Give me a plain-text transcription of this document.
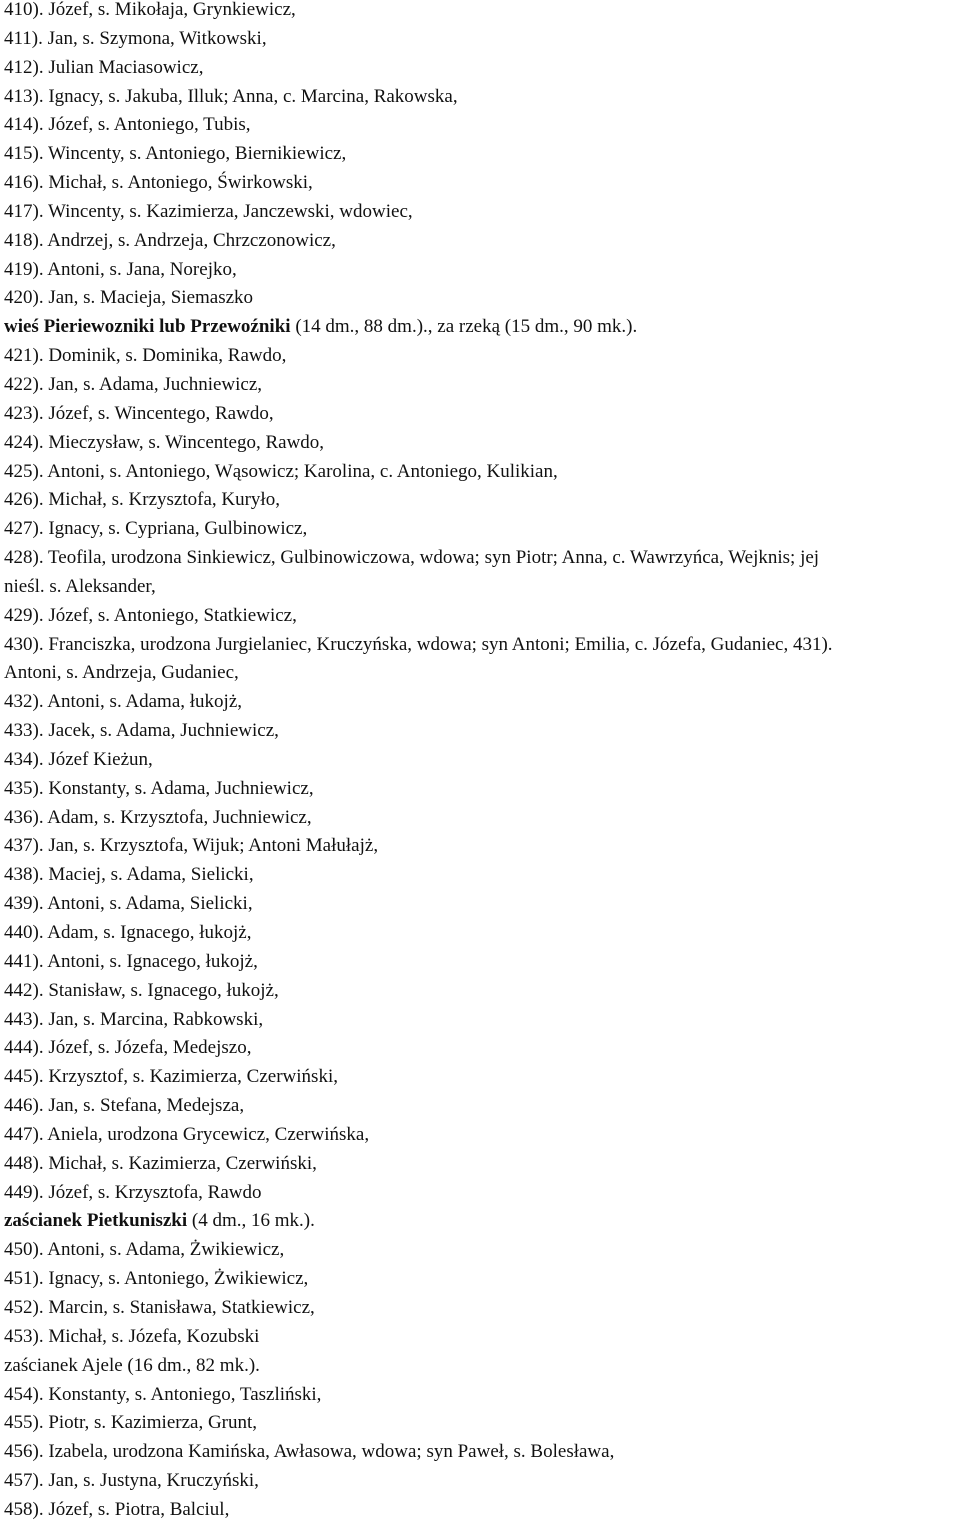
410). Józef, s. Mikołaja, Grynkiewicz,
411). Jan, s. Szymona, Witkowski,
412). Julian Maciasowicz,
413). Ignacy, s. Jakuba, Illuk; Anna, c. Marcina, Rakowska,
414). Józef, s. Antoniego, Tubis,
415). Wincenty, s. Antoniego, Biernikiewicz,
416). Michał, s. Antoniego, Świrkowski,
417). Wincenty, s. Kazimierza, Janczewski, wdowiec,
418). Andrzej, s. Andrzeja, Chrzczonowicz,
419). Antoni, s. Jana, Norejko,
420). Jan, s. Macieja, Siemaszko
wieś Pieriewozniki lub Przewoźniki (14 dm., 88 dm.)., za rzeką (15 dm., 90 mk.).
421). Dominik, s. Dominika, Rawdo,
422). Jan, s. Adama, Juchniewicz,
423). Józef, s. Wincentego, Rawdo,
424). Mieczysław, s. Wincentego, Rawdo,
425). Antoni, s. Antoniego, Wąsowicz; Karolina, c. Antoniego, Kulikian,
426). Michał, s. Krzysztofa, Kuryło,
427). Ignacy, s. Cypriana, Gulbinowicz,
428). Teofila, urodzona Sinkiewicz, Gulbinowiczowa, wdowa; syn Piotr; Anna, c. Wawrzyńca, Wejknis; jej
nieśl. s. Aleksander,
429). Józef, s. Antoniego, Statkiewicz,
430). Franciszka, urodzona Jurgielaniec, Kruczyńska, wdowa; syn Antoni; Emilia, c. Józefa, Gudaniec, 431).
Antoni, s. Andrzeja, Gudaniec,
432). Antoni, s. Adama, łukojż,
433). Jacek, s. Adama, Juchniewicz,
434). Józef Kieżun,
435). Konstanty, s. Adama, Juchniewicz,
436). Adam, s. Krzysztofa, Juchniewicz,
437). Jan, s. Krzysztofa, Wijuk; Antoni Małułajż,
438). Maciej, s. Adama, Sielicki,
439). Antoni, s. Adama, Sielicki,
440). Adam, s. Ignacego, łukojż,
441). Antoni, s. Ignacego, łukojż,
442). Stanisław, s. Ignacego, łukojż,
443). Jan, s. Marcina, Rabkowski,
444). Józef, s. Józefa, Medejszo,
445). Krzysztof, s. Kazimierza, Czerwiński,
446). Jan, s. Stefana, Medejsza,
447). Aniela, urodzona Grycewicz, Czerwińska,
448). Michał, s. Kazimierza, Czerwiński,
449). Józef, s. Krzysztofa, Rawdo
zaścianek Pietkuniszki (4 dm., 16 mk.).
450). Antoni, s. Adama, Żwikiewicz,
451). Ignacy, s. Antoniego, Żwikiewicz,
452). Marcin, s. Stanisława, Statkiewicz,
453). Michał, s. Józefa, Kozubski
zaścianek Ajele (16 dm., 82 mk.).
454). Konstanty, s. Antoniego, Taszliński,
455). Piotr, s. Kazimierza, Grunt,
456). Izabela, urodzona Kamińska, Awłasowa, wdowa; syn Paweł, s. Bolesława,
457). Jan, s. Justyna, Kruczyński,
458). Józef, s. Piotra, Balciul,
